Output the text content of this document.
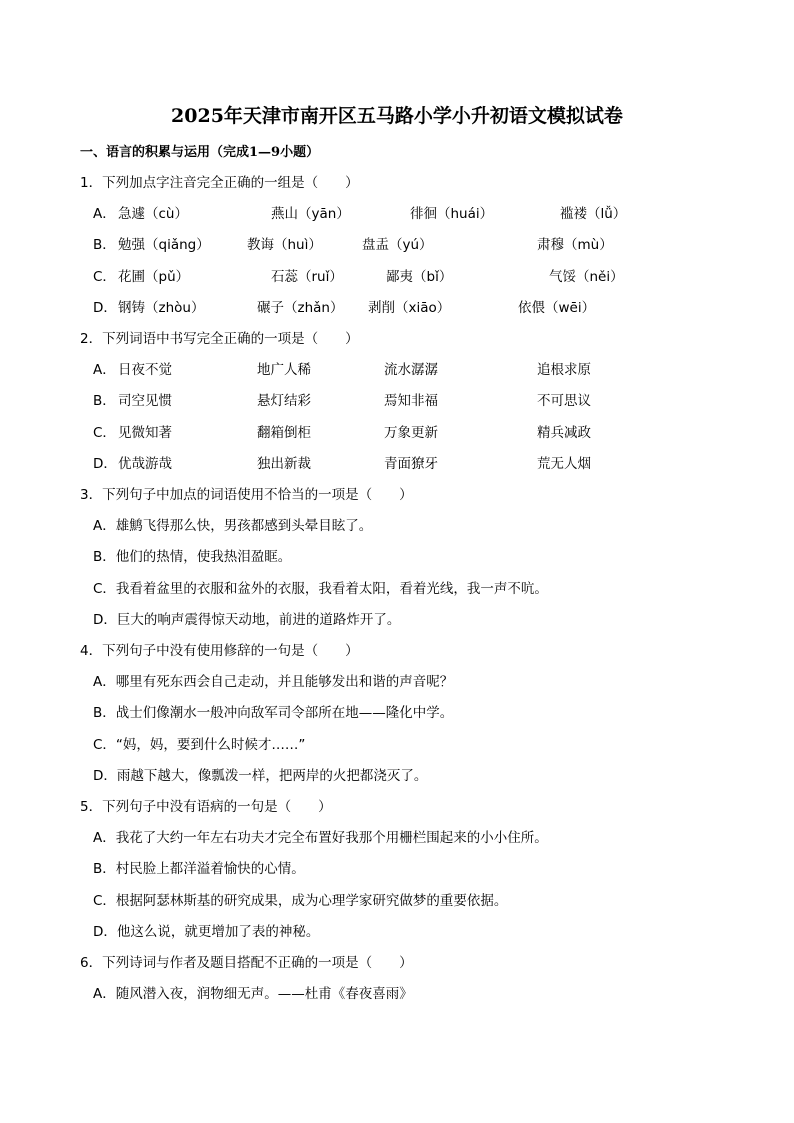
2025年天津市南开区五马路小学小升初语文模拟试卷
一、语言的积累与运用（完成1—9小题）
1．下列加点字注音完全正确的一组是（　　）
A． 急遽（cù）	燕山（yān）	徘徊（huái）	褴褛（lǚ）
B． 勉强（qiǎng）	教诲（huì）	盘盂（yú）	肃穆（mù）
C． 花圃（pǔ）	石蕊（ruǐ）	鄙夷（bǐ）	气馁（něi）
D． 钢铸（zhòu）	碾子（zhǎn） 剥削（xiāo）	依偎（wēi）
2．下列词语中书写完全正确的一项是（　　）
A． 日夜不觉	地广人稀	流水潺潺	追根求原
B． 司空见惯	悬灯结彩	焉知非福	不可思议
C． 见微知著	翻箱倒柜	万象更新	精兵减政
D． 优哉游哉	独出新裁	青面獠牙	荒无人烟
3．下列句子中加点的词语使用不恰当的一项是（　　）
A．雄鹪飞得那么快，男孩都感到头晕目眩了。
B．他们的热情，使我热泪盈眶。
C．我看着盆里的衣服和盆外的衣服，我看着太阳，看着光线，我一声不吭。
D．巨大的响声震得惊天动地，前进的道路炸开了。
4．下列句子中没有使用修辞的一句是（　　）
A．哪里有死东西会自己走动，并且能够发出和谐的声音呢？
B．战士们像潮水一般冲向敌军司令部所在地——隆化中学。
C．“妈，妈，要到什么时候才……”
D．雨越下越大，像瓢泼一样，把两岸的火把都浇灭了。
5．下列句子中没有语病的一句是（　　）
A．我花了大约一年左右功夫才完全布置好我那个用栅栏围起来的小小住所。
B．村民脸上都洋溢着愉快的心情。
C．根据阿瑟林斯基的研究成果，成为心理学家研究做梦的重要依据。
D．他这么说，就更增加了表的神秘。
6．下列诗词与作者及题目搭配不正确的一项是（　　）
A．随风潜入夜，润物细无声。——杜甫《春夜喜雨》
